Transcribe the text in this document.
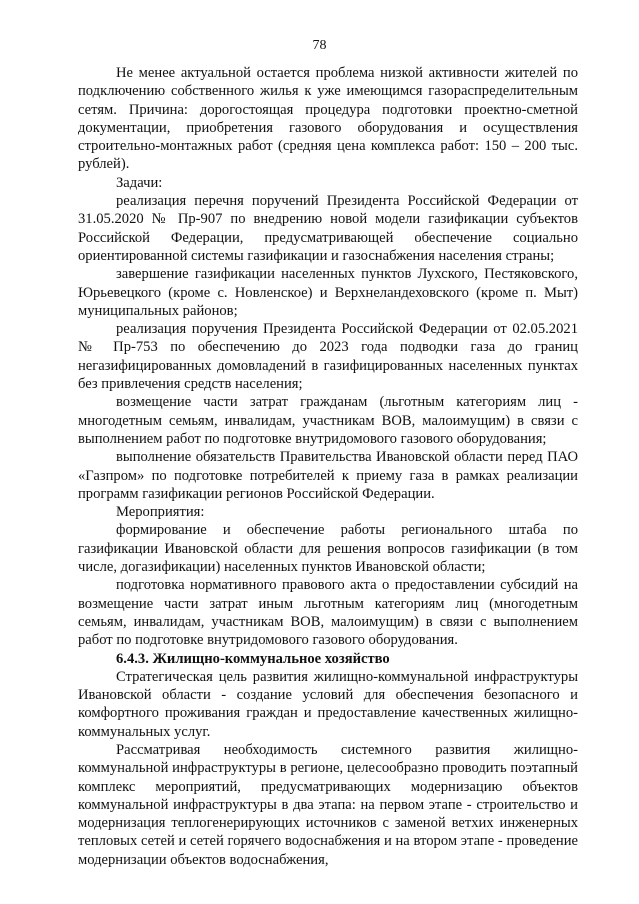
78

Не менее актуальной остается проблема низкой активности жителей по подключению собственного жилья к уже имеющимся газораспределительным сетям. Причина: дорогостоящая процедура подготовки проектно-сметной документации, приобретения газового оборудования и осуществления строительно-монтажных работ (средняя цена комплекса работ: 150 – 200 тыс. рублей).

Задачи:

реализация перечня поручений Президента Российской Федерации от 31.05.2020 № Пр-907 по внедрению новой модели газификации субъектов Российской Федерации, предусматривающей обеспечение социально ориентированной системы газификации и газоснабжения населения страны;

завершение газификации населенных пунктов Лухского, Пестяковского, Юрьевецкого (кроме с. Новленское) и Верхнеландеховского (кроме п. Мыт) муниципальных районов;

реализация поручения Президента Российской Федерации от 02.05.2021 № Пр-753 по обеспечению до 2023 года подводки газа до границ негазифицированных домовладений в газифицированных населенных пунктах без привлечения средств населения;

возмещение части затрат гражданам (льготным категориям лиц - многодетным семьям, инвалидам, участникам ВОВ, малоимущим) в связи с выполнением работ по подготовке внутридомового газового оборудования;

выполнение обязательств Правительства Ивановской области перед ПАО «Газпром» по подготовке потребителей к приему газа в рамках реализации программ газификации регионов Российской Федерации.

Мероприятия:

формирование и обеспечение работы регионального штаба по газификации Ивановской области для решения вопросов газификации (в том числе, догазификации) населенных пунктов Ивановской области;

подготовка нормативного правового акта о предоставлении субсидий на возмещение части затрат иным льготным категориям лиц (многодетным семьям, инвалидам, участникам ВОВ, малоимущим) в связи с выполнением работ по подготовке внутридомового газового оборудования.

6.4.3. Жилищно-коммунальное хозяйство

Стратегическая цель развития жилищно-коммунальной инфраструктуры Ивановской области - создание условий для обеспечения безопасного и комфортного проживания граждан и предоставление качественных жилищно-коммунальных услуг.

Рассматривая необходимость системного развития жилищно-коммунальной инфраструктуры в регионе, целесообразно проводить поэтапный комплекс мероприятий, предусматривающих модернизацию объектов коммунальной инфраструктуры в два этапа: на первом этапе - строительство и модернизация теплогенерирующих источников с заменой ветхих инженерных тепловых сетей и сетей горячего водоснабжения и на втором этапе - проведение модернизации объектов водоснабжения,
